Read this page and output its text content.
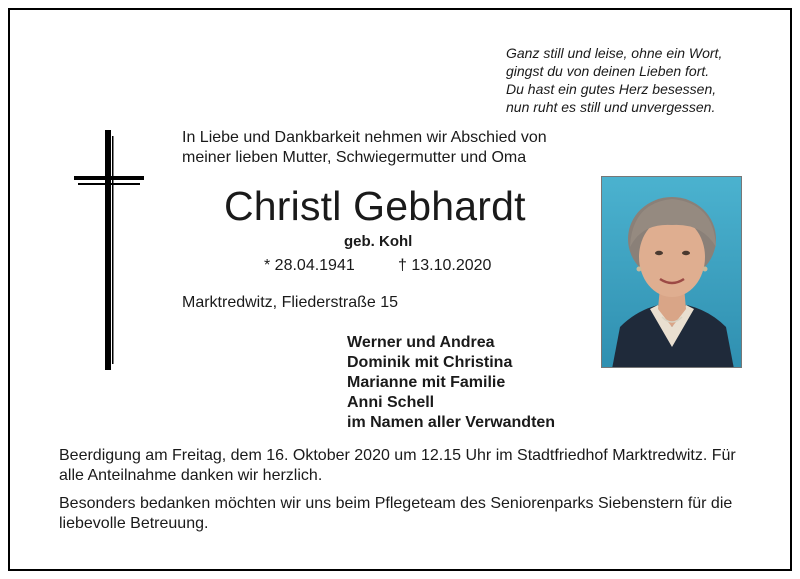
Ganz still und leise, ohne ein Wort,
gingst du von deinen Lieben fort.
Du hast ein gutes Herz besessen,
nun ruht es still und unvergessen.
In Liebe und Dankbarkeit nehmen wir Abschied von
meiner lieben Mutter, Schwiegermutter und Oma
Christl Gebhardt
geb. Kohl
* 28.04.1941	† 13.10.2020
Marktredwitz, Fliederstraße 15
Werner und Andrea
Dominik mit Christina
Marianne mit Familie
Anni Schell
im Namen aller Verwandten
Beerdigung am Freitag, dem 16. Oktober 2020 um 12.15 Uhr im Stadtfriedhof Marktredwitz. Für alle Anteilnahme danken wir herzlich.
Besonders bedanken möchten wir uns beim Pflegeteam des Seniorenparks Siebenstern für die liebevolle Betreuung.
